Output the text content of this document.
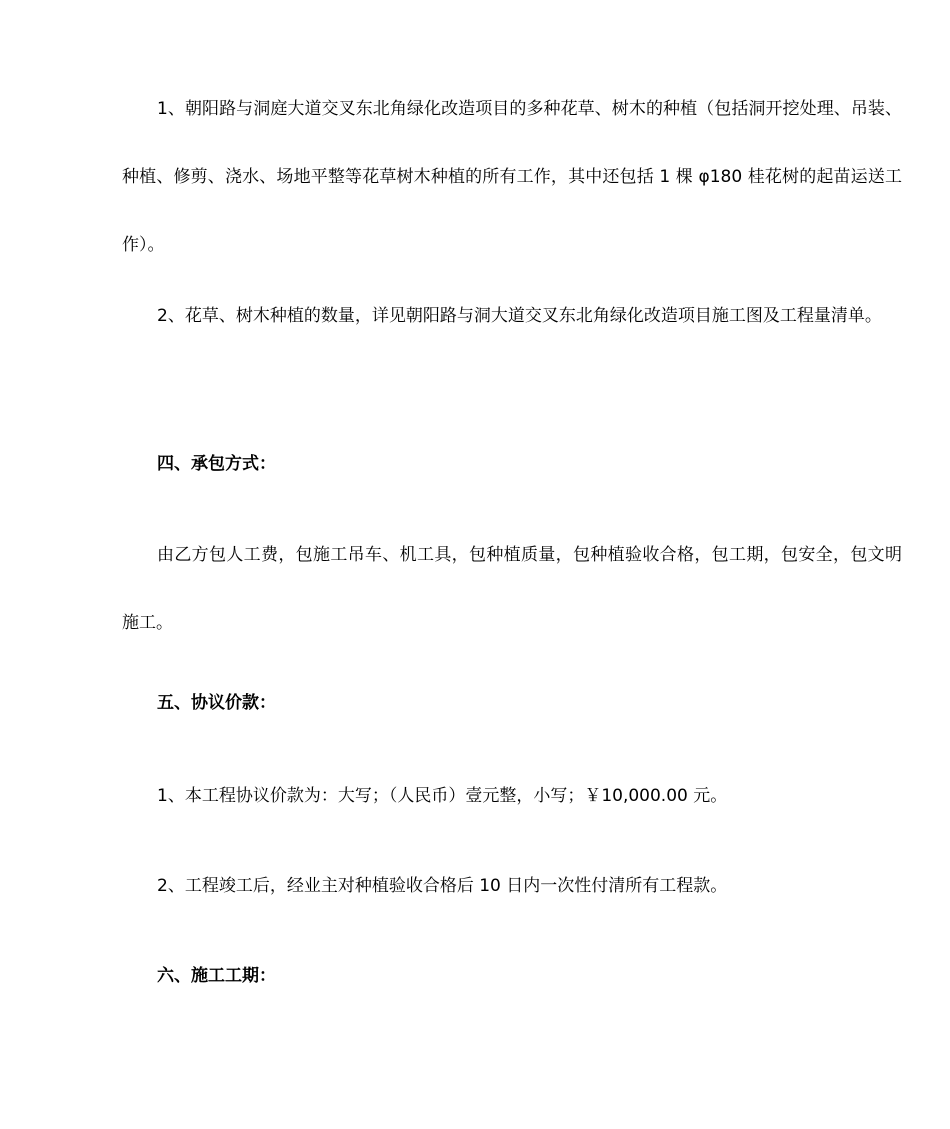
1、朝阳路与洞庭大道交叉东北角绿化改造项目的多种花草、树木的种植（包括洞开挖处理、吊装、种植、修剪、浇水、场地平整等花草树木种植的所有工作，其中还包括 1 棵 φ180 桂花树的起苗运送工作）。

2、花草、树木种植的数量，详见朝阳路与洞大道交叉东北角绿化改造项目施工图及工程量清单。

四、承包方式：

由乙方包人工费，包施工吊车、机工具，包种植质量，包种植验收合格，包工期，包安全，包文明施工。

五、协议价款：

1、本工程协议价款为：大写；（人民币）壹元整，小写；￥10,000.00 元。

2、工程竣工后，经业主对种植验收合格后 10 日内一次性付清所有工程款。

六、施工工期：
